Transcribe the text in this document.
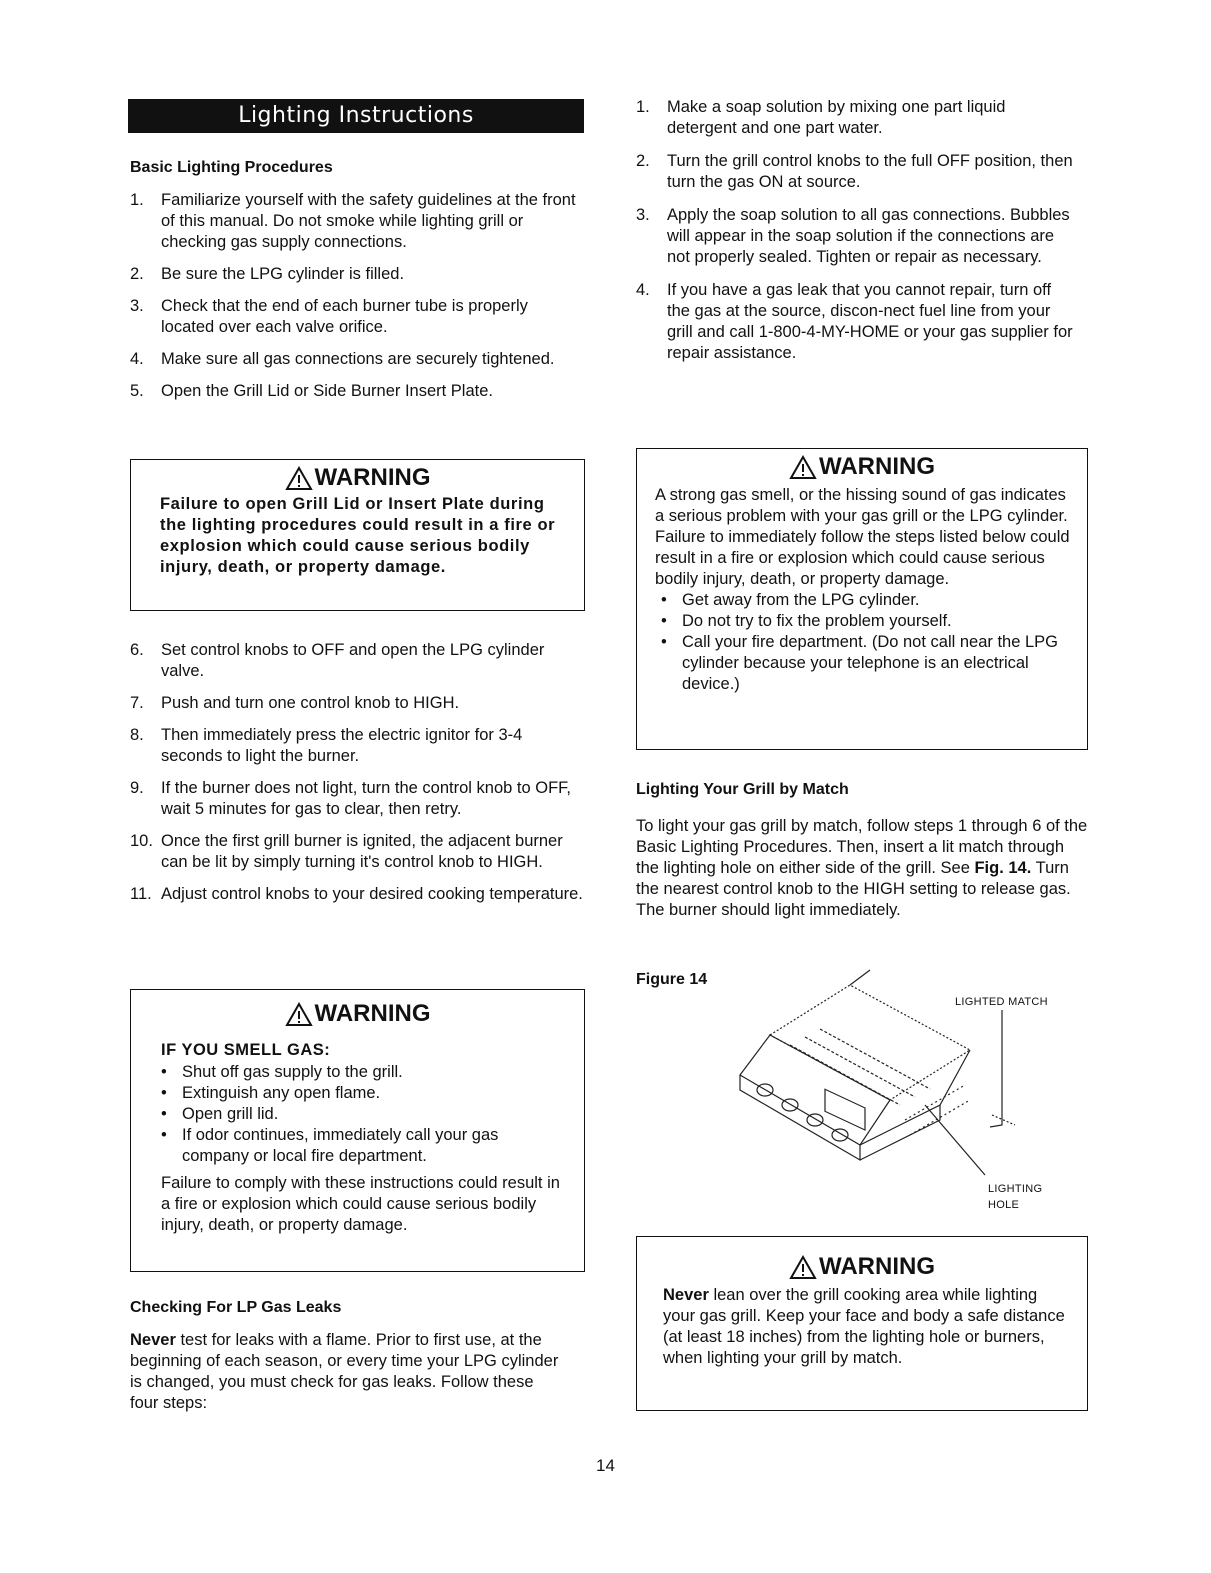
Lighting Instructions
Basic Lighting Procedures
1. Familiarize yourself with the safety guidelines at the front of this manual. Do not smoke while lighting grill or checking gas supply connections.
2. Be sure the LPG cylinder is filled.
3. Check that the end of each burner tube is properly located over each valve orifice.
4. Make sure all gas connections are securely tightened.
5. Open the Grill Lid or Side Burner Insert Plate.
WARNING
Failure to open Grill Lid or Insert Plate during the lighting procedures could result in a fire or explosion which could cause serious bodily injury, death, or property damage.
6. Set control knobs to OFF and open the LPG cylinder valve.
7. Push and turn one control knob to HIGH.
8. Then immediately press the electric ignitor for 3-4 seconds to light the burner.
9. If the burner does not light, turn the control knob to OFF, wait 5 minutes for gas to clear, then retry.
10. Once the first grill burner is ignited, the adjacent burner can be lit by simply turning it's control knob to HIGH.
11. Adjust control knobs to your desired cooking temperature.
WARNING
IF YOU SMELL GAS:
• Shut off gas supply to the grill.
• Extinguish any open flame.
• Open grill lid.
• If odor continues, immediately call your gas company or local fire department.
Failure to comply with these instructions could result in a fire or explosion which could cause serious bodily injury, death, or property damage.
Checking For LP Gas Leaks
Never test for leaks with a flame. Prior to first use, at the beginning of each season, or every time your LPG cylinder is changed, you must check for gas leaks. Follow these four steps:
1. Make a soap solution by mixing one part liquid detergent and one part water.
2. Turn the grill control knobs to the full OFF position, then turn the gas ON at source.
3. Apply the soap solution to all gas connections. Bubbles will appear in the soap solution if the connections are not properly sealed. Tighten or repair as necessary.
4. If you have a gas leak that you cannot repair, turn off the gas at the source, discon-nect fuel line from your grill and call 1-800-4-MY-HOME or your gas supplier for repair assistance.
WARNING
A strong gas smell, or the hissing sound of gas indicates a serious problem with your gas grill or the LPG cylinder. Failure to immediately follow the steps listed below could result in a fire or explosion which could cause serious bodily injury, death, or property damage.
• Get away from the LPG cylinder.
• Do not try to fix the problem yourself.
• Call your fire department. (Do not call near the LPG cylinder because your telephone is an electrical device.)
Lighting Your Grill by Match
To light your gas grill by match, follow steps 1 through 6 of the Basic Lighting Procedures. Then, insert a lit match through the lighting hole on either side of the grill. See Fig. 14. Turn the nearest control knob to the HIGH setting to release gas. The burner should light immediately.
Figure 14
LIGHTED MATCH
LIGHTING
HOLE
WARNING
Never lean over the grill cooking area while lighting your gas grill. Keep your face and body a safe distance (at least 18 inches) from the lighting hole or burners, when lighting your grill by match.
14
